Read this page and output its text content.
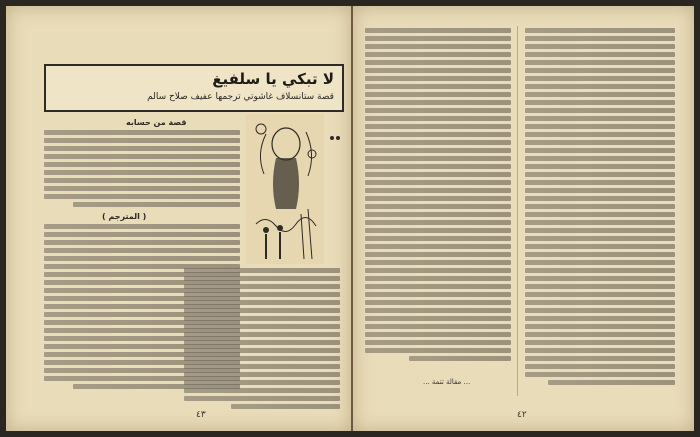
لا تبكي يا سلفيغ
قصة ستانسلاف غاشوتي ترجمها عفيف صلاح سالم
قصة من حسابه
( المترجم )
٤٣
... مقالة تتمة ...
٤٢
